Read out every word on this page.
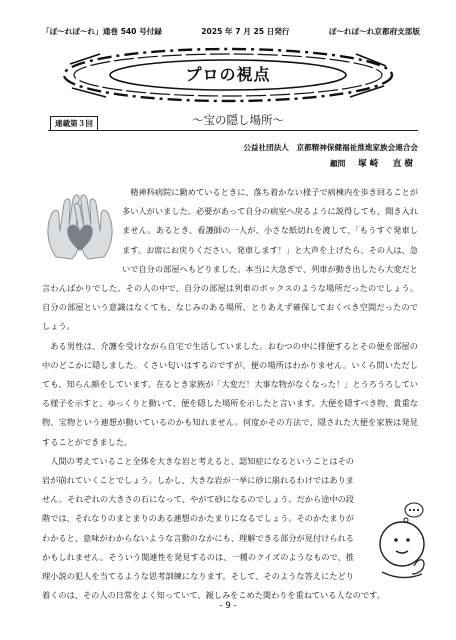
「ぽ〜れぽ〜れ」通巻 540 号付録	2025 年 7 月 25 日発行	ぽ〜れぽ〜れ京都府支部版
プロの視点
連載第３回	〜宝の隠し場所〜
公益社団法人　京都精神保健福祉推進家族会連合会
顧問 塚崎　直樹

精神科病院に勤めているときに、落ち着かない様子で病棟内を歩き回ることが多い人がいました。必要があって自分の病室へ戻るように説得しても、聞き入れません。あるとき、看護師の一人が、小さな紙切れを渡して、「もうすぐ発車します。お席にお戻りください。発車します！」と大声を上げたら、その人は、急いで自分の部屋へもどりました。本当に大急ぎで、列車が動き出したら大変だと言わんばかりでした。その人の中で、自分の部屋は列車のボックスのような場所だったのでしょう。自分の部屋という意識はなくても、なじみのある場所、とりあえず確保しておくべき空間だったのでしょう。

ある男性は、介護を受けながら自宅で生活していました。おむつの中に排便するとその便を部屋の中のどこかに隠しました。くさい匂いはするのですが、便の場所はわかりません。いくら問いただしても、知らん顔をしています。在るとき家族が「大変だ！大事な物がなくなった！」とうろうろしている様子を示すと、ゆっくりと動いて、便を隠した場所を示したと言います。大便を隠すべき物、貴重な物、宝物という連想が動いているのかも知れません。何度かその方法で、隠された大便を家族は発見することができました。

人間の考えていること全体を大きな岩と考えると、認知症になるということはその岩が崩れていくことでしょう。しかし、大きな岩が一挙に砂に崩れるわけではありません。それぞれの大きさの石になって、やがて砂になるのでしょう。だから途中の段階では、それなりのまとまりのある連想のかたまりになるでしょう。そのかたまりがわかると、意味がわからないような言動のなかにも、理解できる部分が見付けられるかもしれません。そういう関連性を発見するのは、一種のクイズのようなもので、推理小説の犯人を当てるような思考訓練になります。そして、そのような答えにたどり着くのは、その人の日常をよく知っていて、親しみをこめた関わりを重ねている人なのです。

- 9 -
